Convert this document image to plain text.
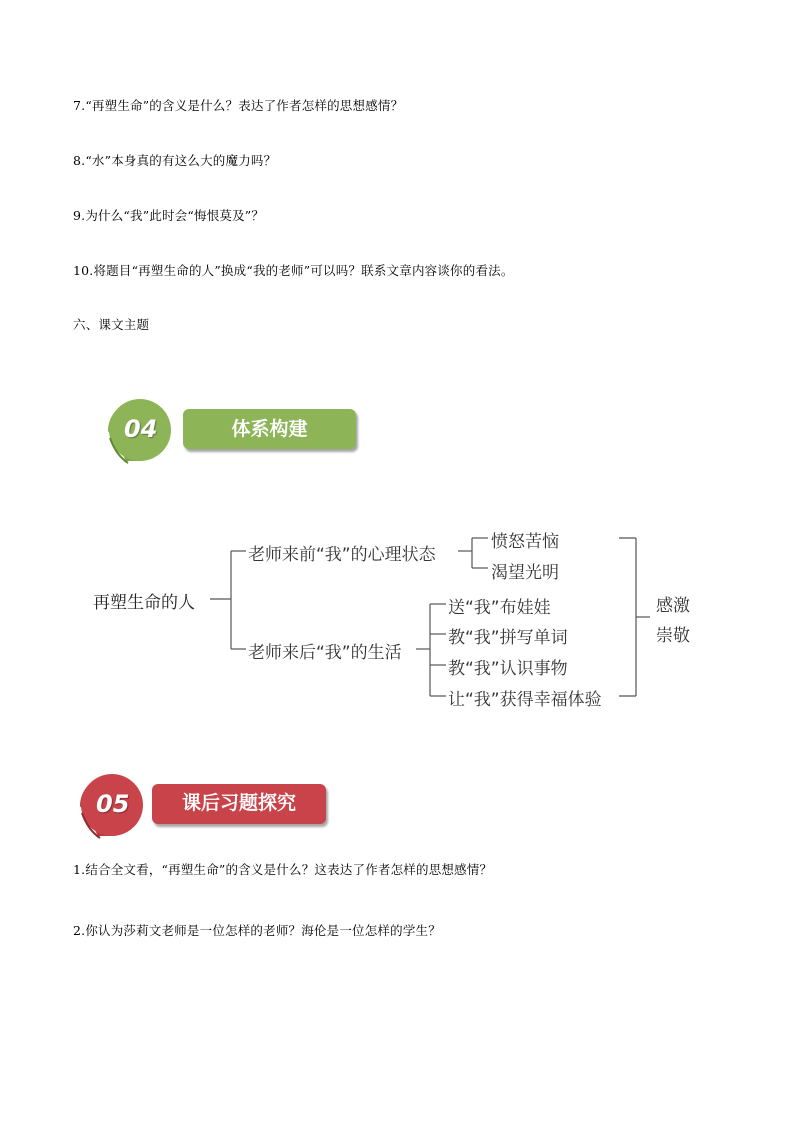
7.“再塑生命”的含义是什么？表达了作者怎样的思想感情？
8.“水”本身真的有这么大的魔力吗？
9.为什么“我”此时会“悔恨莫及”？
10.将题目“再塑生命的人”换成“我的老师”可以吗？联系文章内容谈你的看法。
六、课文主题
04	体系构建
再塑生命的人
老师来前“我”的心理状态
愤怒苦恼
渴望光明
老师来后“我”的生活
送“我”布娃娃
教“我”拼写单词
教“我”认识事物
让“我”获得幸福体验
感激
崇敬
05	课后习题探究
1.结合全文看，“再塑生命”的含义是什么？这表达了作者怎样的思想感情？
2.你认为莎莉文老师是一位怎样的老师？海伦是一位怎样的学生？
